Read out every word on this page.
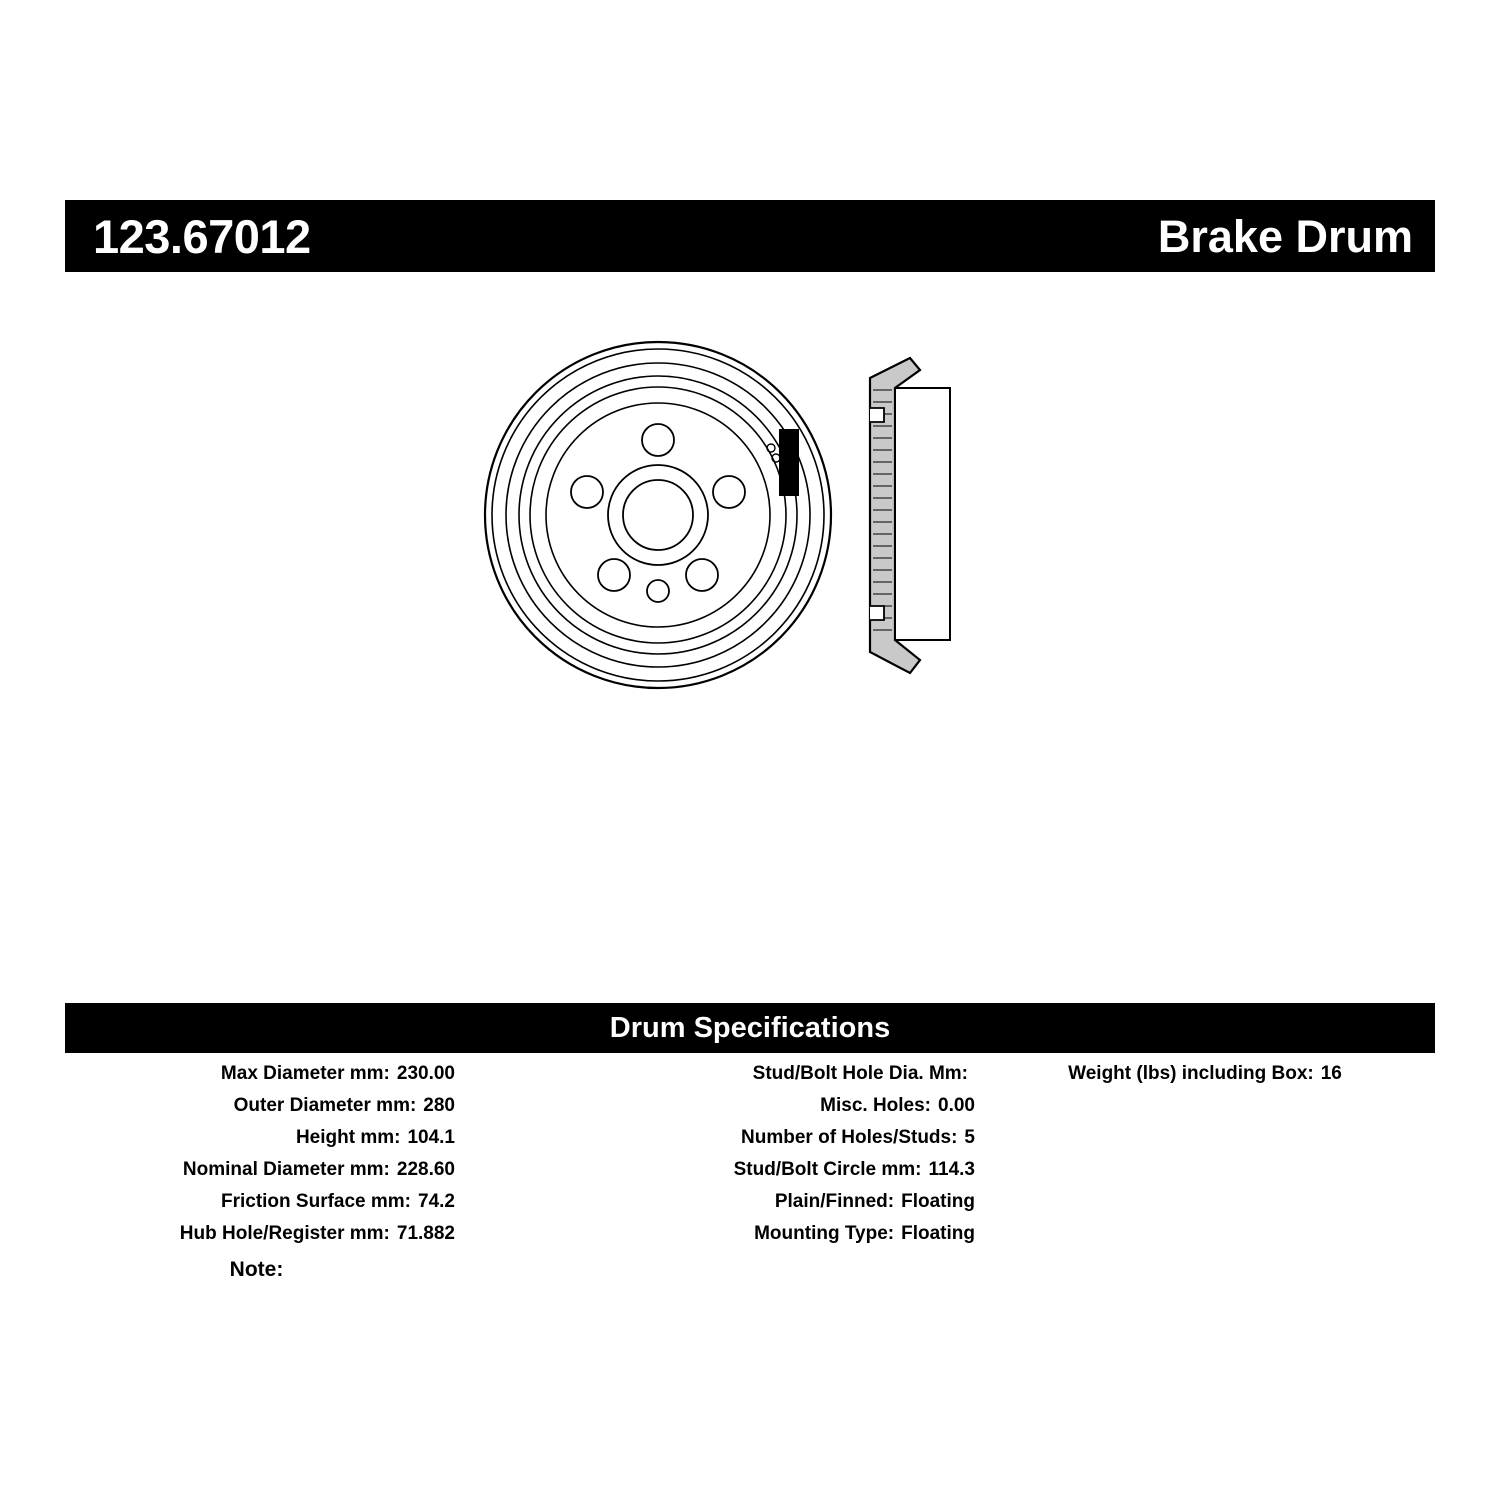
123.67012	Brake Drum
Drum Specifications
Max Diameter mm: 230.00
Outer Diameter mm: 280
Height mm: 104.1
Nominal Diameter mm: 228.60
Friction Surface mm: 74.2
Hub Hole/Register mm: 71.882
Stud/Bolt Hole Dia. Mm:
Misc. Holes: 0.00
Number of Holes/Studs: 5
Stud/Bolt Circle mm: 114.3
Plain/Finned: Floating
Mounting Type: Floating
Weight (lbs) including Box: 16
Note:
